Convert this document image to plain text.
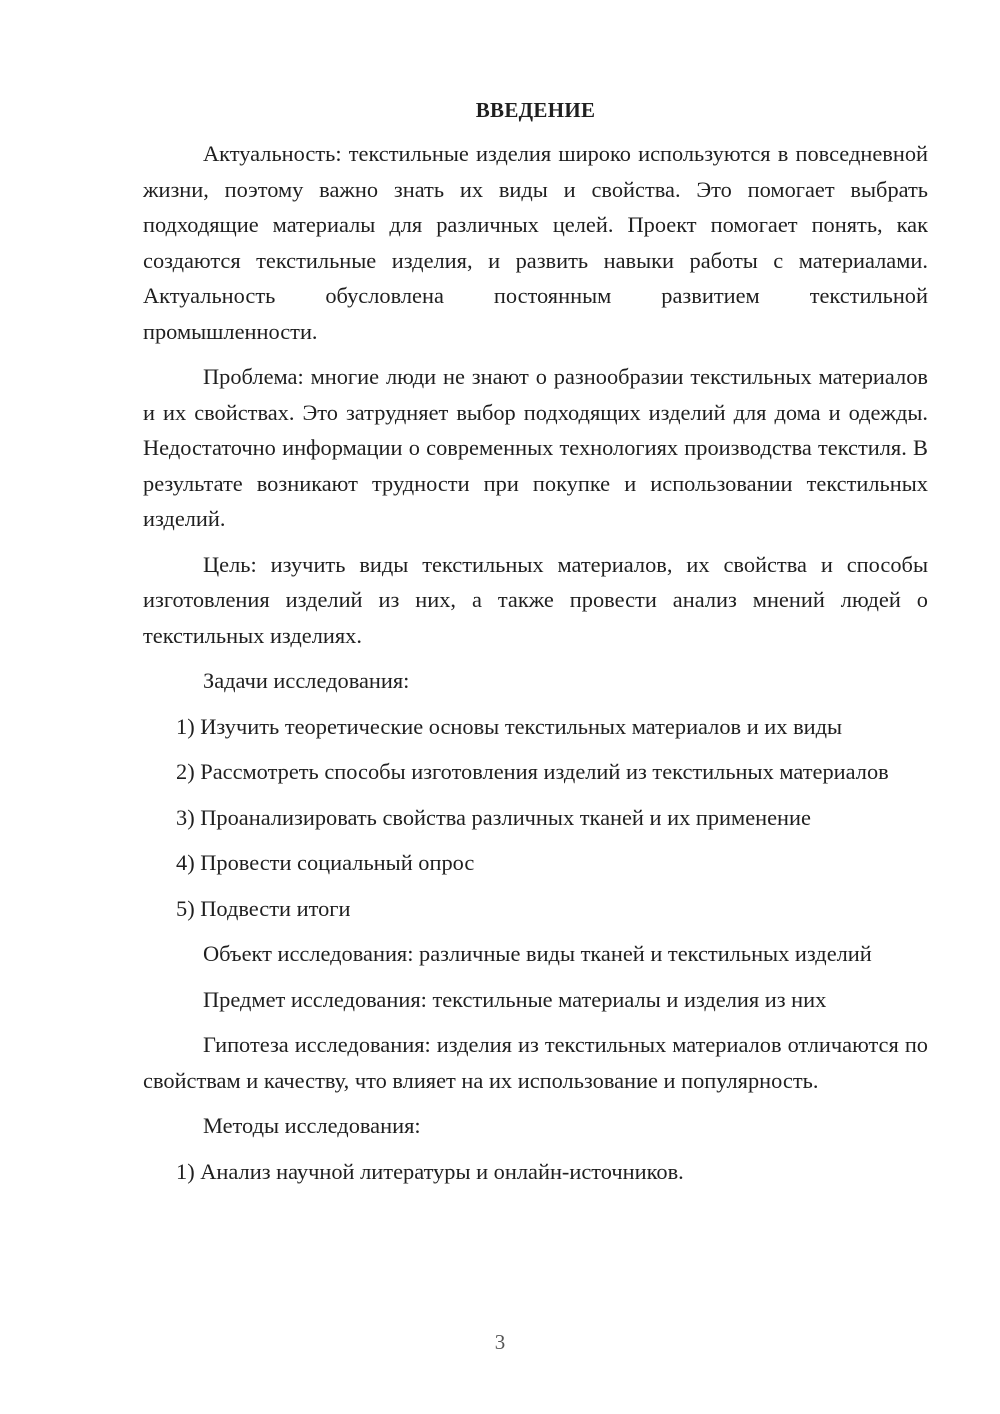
ВВЕДЕНИЕ

Актуальность: текстильные изделия широко используются в повседневной жизни, поэтому важно знать их виды и свойства. Это помогает выбрать подходящие материалы для различных целей. Проект помогает понять, как создаются текстильные изделия, и развить навыки работы с материалами. Актуальность обусловлена постоянным развитием текстильной промышленности.

Проблема: многие люди не знают о разнообразии текстильных материалов и их свойствах. Это затрудняет выбор подходящих изделий для дома и одежды. Недостаточно информации о современных технологиях производства текстиля. В результате возникают трудности при покупке и использовании текстильных изделий.

Цель: изучить виды текстильных материалов, их свойства и способы изготовления изделий из них, а также провести анализ мнений людей о текстильных изделиях.

Задачи исследования:

1) Изучить теоретические основы текстильных материалов и их виды

2) Рассмотреть способы изготовления изделий из текстильных материалов

3) Проанализировать свойства различных тканей и их применение

4) Провести социальный опрос

5) Подвести итоги

Объект исследования: различные виды тканей и текстильных изделий

Предмет исследования: текстильные материалы и изделия из них

Гипотеза исследования: изделия из текстильных материалов отличаются по свойствам и качеству, что влияет на их использование и популярность.

Методы исследования:

1) Анализ научной литературы и онлайн-источников.

3
